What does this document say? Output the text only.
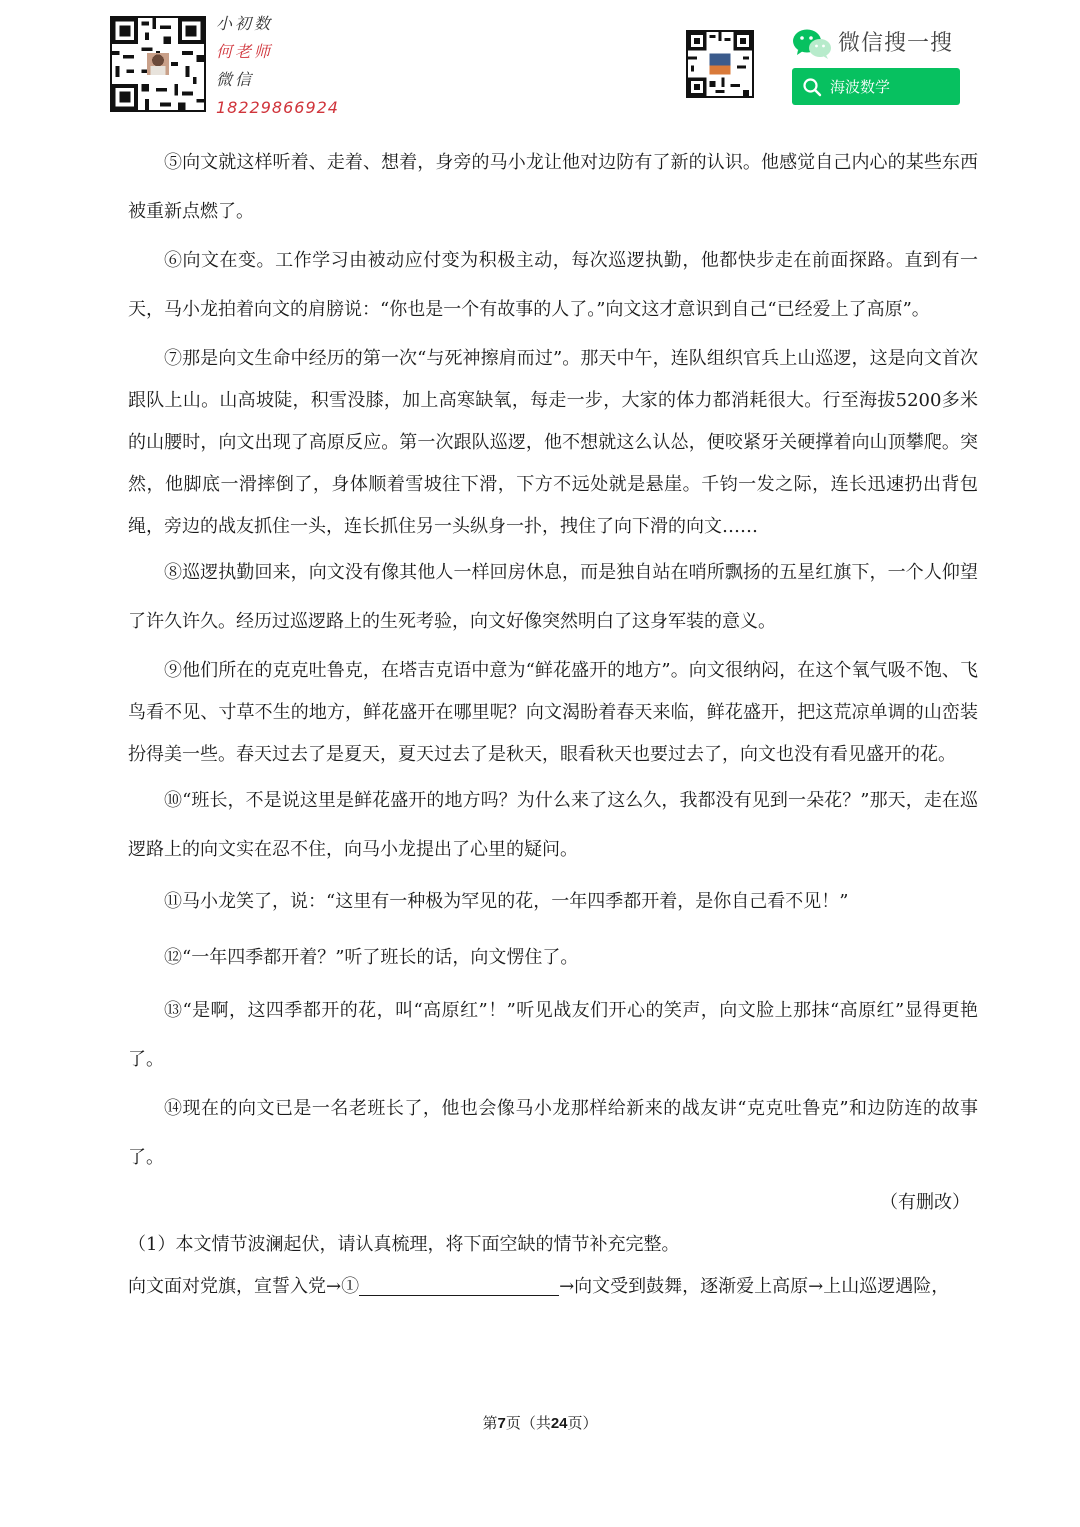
小初数
何老师
微信
18229866924
微信搜一搜
海波数学

⑤向文就这样听着、走着、想着，身旁的马小龙让他对边防有了新的认识。他感觉自己内心的某些东西被重新点燃了。

⑥向文在变。工作学习由被动应付变为积极主动，每次巡逻执勤，他都快步走在前面探路。直到有一天，马小龙拍着向文的肩膀说：“你也是一个有故事的人了。”向文这才意识到自己“已经爱上了高原”。

⑦那是向文生命中经历的第一次“与死神擦肩而过”。那天中午，连队组织官兵上山巡逻，这是向文首次跟队上山。山高坡陡，积雪没膝，加上高寒缺氧，每走一步，大家的体力都消耗很大。行至海拔5200多米的山腰时，向文出现了高原反应。第一次跟队巡逻，他不想就这么认怂，便咬紧牙关硬撑着向山顶攀爬。突然，他脚底一滑摔倒了，身体顺着雪坡往下滑，下方不远处就是悬崖。千钧一发之际，连长迅速扔出背包绳，旁边的战友抓住一头，连长抓住另一头纵身一扑，拽住了向下滑的向文……

⑧巡逻执勤回来，向文没有像其他人一样回房休息，而是独自站在哨所飘扬的五星红旗下，一个人仰望了许久许久。经历过巡逻路上的生死考验，向文好像突然明白了这身军装的意义。

⑨他们所在的克克吐鲁克，在塔吉克语中意为“鲜花盛开的地方”。向文很纳闷，在这个氧气吸不饱、飞鸟看不见、寸草不生的地方，鲜花盛开在哪里呢？向文渴盼着春天来临，鲜花盛开，把这荒凉单调的山峦装扮得美一些。春天过去了是夏天，夏天过去了是秋天，眼看秋天也要过去了，向文也没有看见盛开的花。

⑩“班长，不是说这里是鲜花盛开的地方吗？为什么来了这么久，我都没有见到一朵花？”那天，走在巡逻路上的向文实在忍不住，向马小龙提出了心里的疑问。

⑪马小龙笑了，说：“这里有一种极为罕见的花，一年四季都开着，是你自己看不见！”

⑫“一年四季都开着？”听了班长的话，向文愣住了。

⑬“是啊，这四季都开的花，叫“高原红”！”听见战友们开心的笑声，向文脸上那抹“高原红”显得更艳了。

⑭现在的向文已是一名老班长了，他也会像马小龙那样给新来的战友讲“克克吐鲁克”和边防连的故事了。

（有删改）

（1）本文情节波澜起伏，请认真梳理，将下面空缺的情节补充完整。

向文面对党旗，宣誓入党→①	→向文受到鼓舞，逐渐爱上高原→上山巡逻遇险，

第7页（共24页）
